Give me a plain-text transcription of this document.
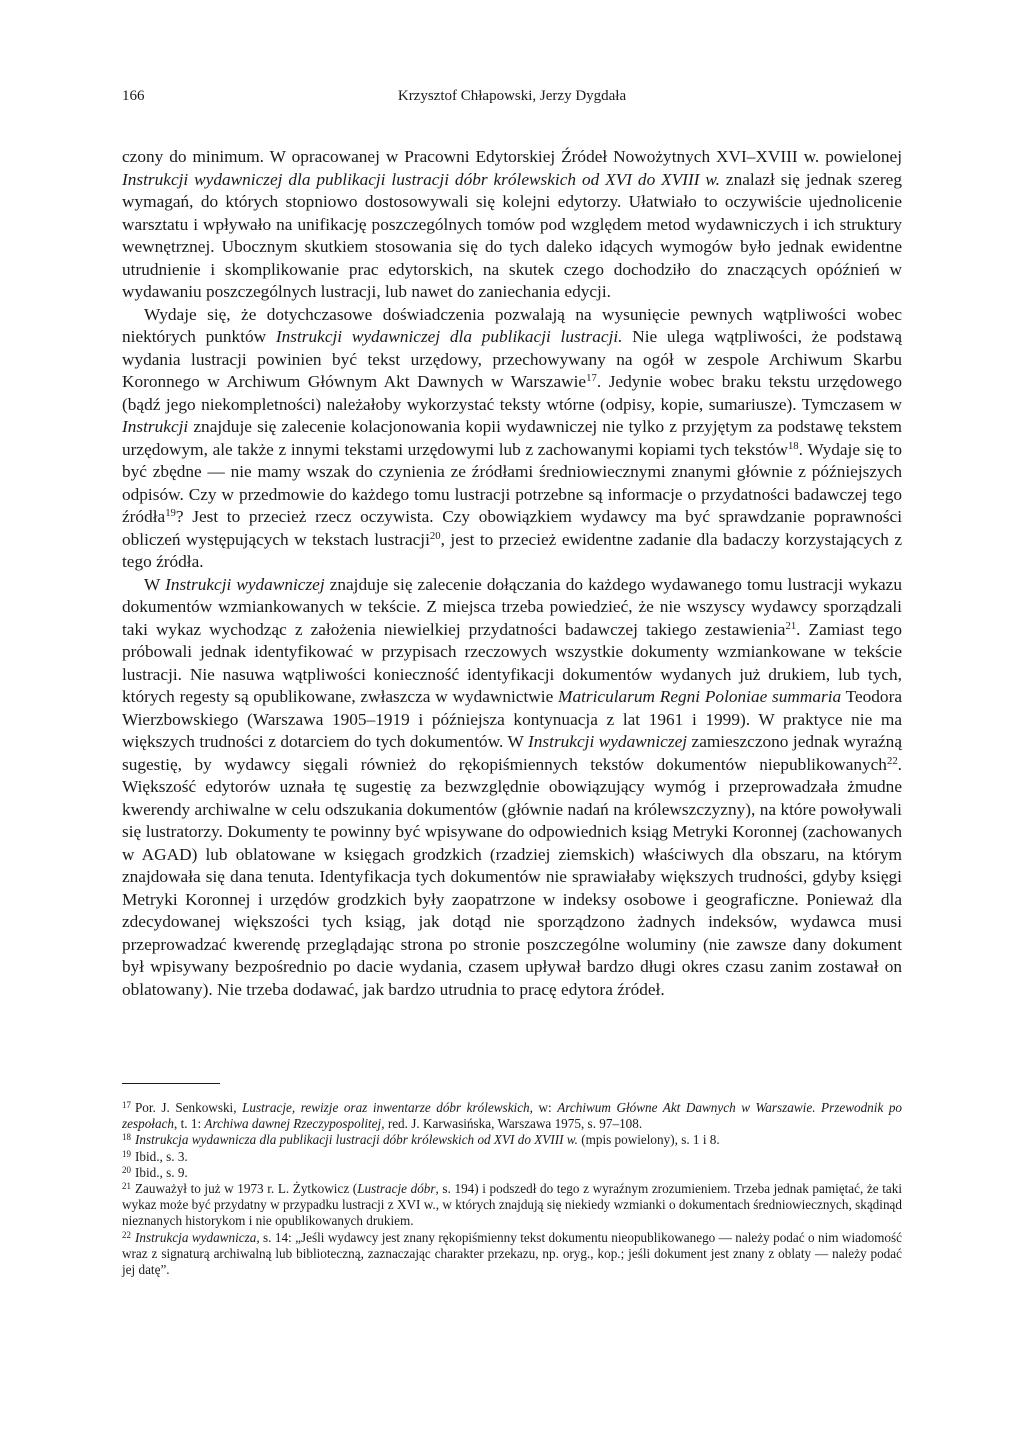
166	Krzysztof Chłapowski, Jerzy Dygdała

czony do minimum. W opracowanej w Pracowni Edytorskiej Źródeł Nowożytnych XVI–XVIII w. powielonej Instrukcji wydawniczej dla publikacji lustracji dóbr królewskich od XVI do XVIII w. znalazł się jednak szereg wymagań, do których stopniowo dostosowywali się kolejni edytorzy. Ułatwiało to oczywiście ujednolicenie warsztatu i wpływało na unifikację poszczególnych tomów pod względem metod wydawniczych i ich struktury wewnętrznej. Ubocznym skutkiem stosowania się do tych daleko idących wymogów było jednak ewidentne utrudnienie i skomplikowanie prac edytorskich, na skutek czego dochodziło do znaczących opóźnień w wydawaniu poszczególnych lustracji, lub nawet do zaniechania edycji.

Wydaje się, że dotychczasowe doświadczenia pozwalają na wysunięcie pewnych wątpliwości wobec niektórych punktów Instrukcji wydawniczej dla publikacji lustracji. Nie ulega wątpliwości, że podstawą wydania lustracji powinien być tekst urzędowy, przechowywany na ogół w zespole Archiwum Skarbu Koronnego w Archiwum Głównym Akt Dawnych w Warszawie$^{17}$. Jedynie wobec braku tekstu urzędowego (bądź jego niekompletności) należałoby wykorzystać teksty wtórne (odpisy, kopie, sumariusze). Tymczasem w Instrukcji znajduje się zalecenie kolacjonowania kopii wydawniczej nie tylko z przyjętym za podstawę tekstem urzędowym, ale także z innymi tekstami urzędowymi lub z zachowanymi kopiami tych tekstów$^{18}$. Wydaje się to być zbędne — nie mamy wszak do czynienia ze źródłami średniowiecznymi znanymi głównie z późniejszych odpisów. Czy w przedmowie do każdego tomu lustracji potrzebne są informacje o przydatności badawczej tego źródła$^{19}$? Jest to przecież rzecz oczywista. Czy obowiązkiem wydawcy ma być sprawdzanie poprawności obliczeń występujących w tekstach lustracji$^{20}$, jest to przecież ewidentne zadanie dla badaczy korzystających z tego źródła.

W Instrukcji wydawniczej znajduje się zalecenie dołączania do każdego wydawanego tomu lustracji wykazu dokumentów wzmiankowanych w tekście. Z miejsca trzeba powiedzieć, że nie wszyscy wydawcy sporządzali taki wykaz wychodząc z założenia niewielkiej przydatności badawczej takiego zestawienia$^{21}$. Zamiast tego próbowali jednak identyfikować w przypisach rzeczowych wszystkie dokumenty wzmiankowane w tekście lustracji. Nie nasuwa wątpliwości konieczność identyfikacji dokumentów wydanych już drukiem, lub tych, których regesty są opublikowane, zwłaszcza w wydawnictwie Matricularum Regni Poloniae summaria Teodora Wierzbowskiego (Warszawa 1905–1919 i późniejsza kontynuacja z lat 1961 i 1999). W praktyce nie ma większych trudności z dotarciem do tych dokumentów. W Instrukcji wydawniczej zamieszczono jednak wyraźną sugestię, by wydawcy sięgali również do rękopiśmiennych tekstów dokumentów niepublikowanych$^{22}$. Większość edytorów uznała tę sugestię za bezwzględnie obowiązujący wymóg i przeprowadzała żmudne kwerendy archiwalne w celu odszukania dokumentów (głównie nadań na królewszczyzny), na które powoływali się lustratorzy. Dokumenty te powinny być wpisywane do odpowiednich ksiąg Metryki Koronnej (zachowanych w AGAD) lub oblatowane w księgach grodzkich (rzadziej ziemskich) właściwych dla obszaru, na którym znajdowała się dana tenuta. Identyfikacja tych dokumentów nie sprawiałaby większych trudności, gdyby księgi Metryki Koronnej i urzędów grodzkich były zaopatrzone w indeksy osobowe i geograficzne. Ponieważ dla zdecydowanej większości tych ksiąg, jak dotąd nie sporządzono żadnych indeksów, wydawca musi przeprowadzać kwerendę przeglądając strona po stronie poszczególne woluminy (nie zawsze dany dokument był wpisywany bezpośrednio po dacie wydania, czasem upływał bardzo długi okres czasu zanim zostawał on oblatowany). Nie trzeba dodawać, jak bardzo utrudnia to pracę edytora źródeł.

$^{17}$ Por. J. Senkowski, Lustracje, rewizje oraz inwentarze dóbr królewskich, w: Archiwum Główne Akt Dawnych w Warszawie. Przewodnik po zespołach, t. 1: Archiwa dawnej Rzeczypospolitej, red. J. Karwasińska, Warszawa 1975, s. 97–108.

$^{18}$ Instrukcja wydawnicza dla publikacji lustracji dóbr królewskich od XVI do XVIII w. (mpis powielony), s. 1 i 8.

$^{19}$ Ibid., s. 3.

$^{20}$ Ibid., s. 9.

$^{21}$ Zauważył to już w 1973 r. L. Żytkowicz (Lustracje dóbr, s. 194) i podszedł do tego z wyraźnym zrozumieniem. Trzeba jednak pamiętać, że taki wykaz może być przydatny w przypadku lustracji z XVI w., w których znajdują się niekiedy wzmianki o dokumentach średniowiecznych, skądinąd nieznanych historykom i nie opublikowanych drukiem.

$^{22}$ Instrukcja wydawnicza, s. 14: „Jeśli wydawcy jest znany rękopiśmienny tekst dokumentu nieopublikowanego — należy podać o nim wiadomość wraz z signaturą archiwalną lub biblioteczną, zaznaczając charakter przekazu, np. oryg., kop.; jeśli dokument jest znany z oblaty — należy podać jej datę”.
